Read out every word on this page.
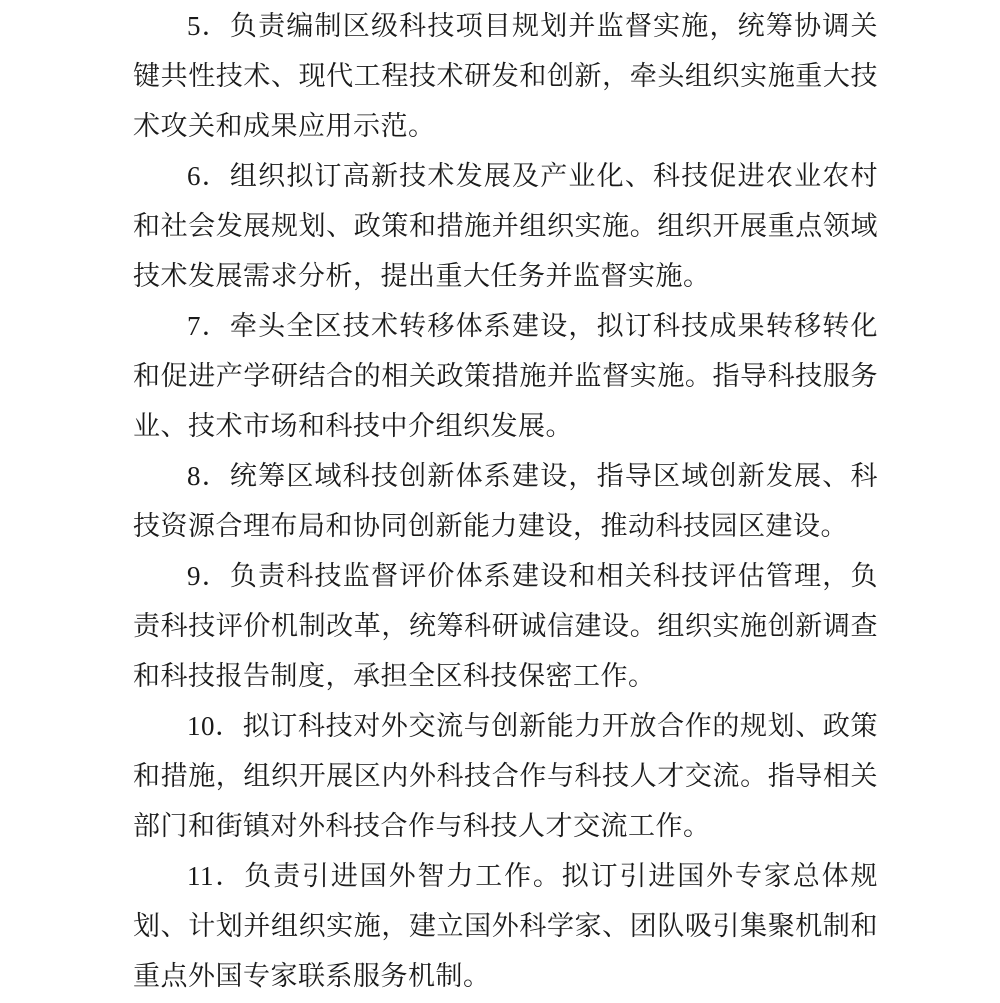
5．负责编制区级科技项目规划并监督实施，统筹协调关键共性技术、现代工程技术研发和创新，牵头组织实施重大技术攻关和成果应用示范。

6．组织拟订高新技术发展及产业化、科技促进农业农村和社会发展规划、政策和措施并组织实施。组织开展重点领域技术发展需求分析，提出重大任务并监督实施。

7．牵头全区技术转移体系建设，拟订科技成果转移转化和促进产学研结合的相关政策措施并监督实施。指导科技服务业、技术市场和科技中介组织发展。

8．统筹区域科技创新体系建设，指导区域创新发展、科技资源合理布局和协同创新能力建设，推动科技园区建设。

9．负责科技监督评价体系建设和相关科技评估管理，负责科技评价机制改革，统筹科研诚信建设。组织实施创新调查和科技报告制度，承担全区科技保密工作。

10．拟订科技对外交流与创新能力开放合作的规划、政策和措施，组织开展区内外科技合作与科技人才交流。指导相关部门和街镇对外科技合作与科技人才交流工作。

11．负责引进国外智力工作。拟订引进国外专家总体规划、计划并组织实施，建立国外科学家、团队吸引集聚机制和重点外国专家联系服务机制。
